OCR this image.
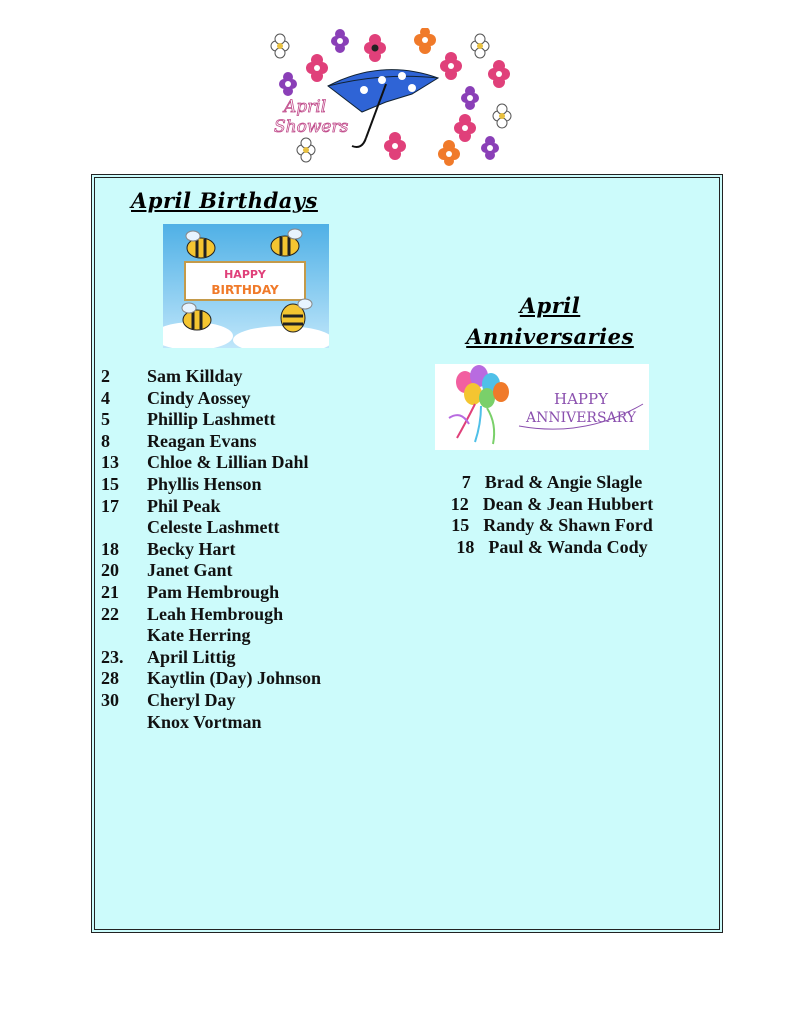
April
Showers
April Birthdays
HAPPY
BIRTHDAY
2	Sam Killday
4	Cindy Aossey
5	Phillip Lashmett
8	Reagan Evans
13	Chloe & Lillian Dahl
15	Phyllis Henson
17	Phil Peak
Celeste Lashmett
18	Becky Hart
20	Janet Gant
21	Pam Hembrough
22	Leah Hembrough
Kate Herring
23.	April Littig
28	Kaytlin (Day) Johnson
30	Cheryl Day
Knox Vortman
April
Anniversaries
HAPPY
ANNIVERSARY
7 Brad & Angie Slagle
12 Dean & Jean Hubbert
15 Randy & Shawn Ford
18 Paul & Wanda Cody
